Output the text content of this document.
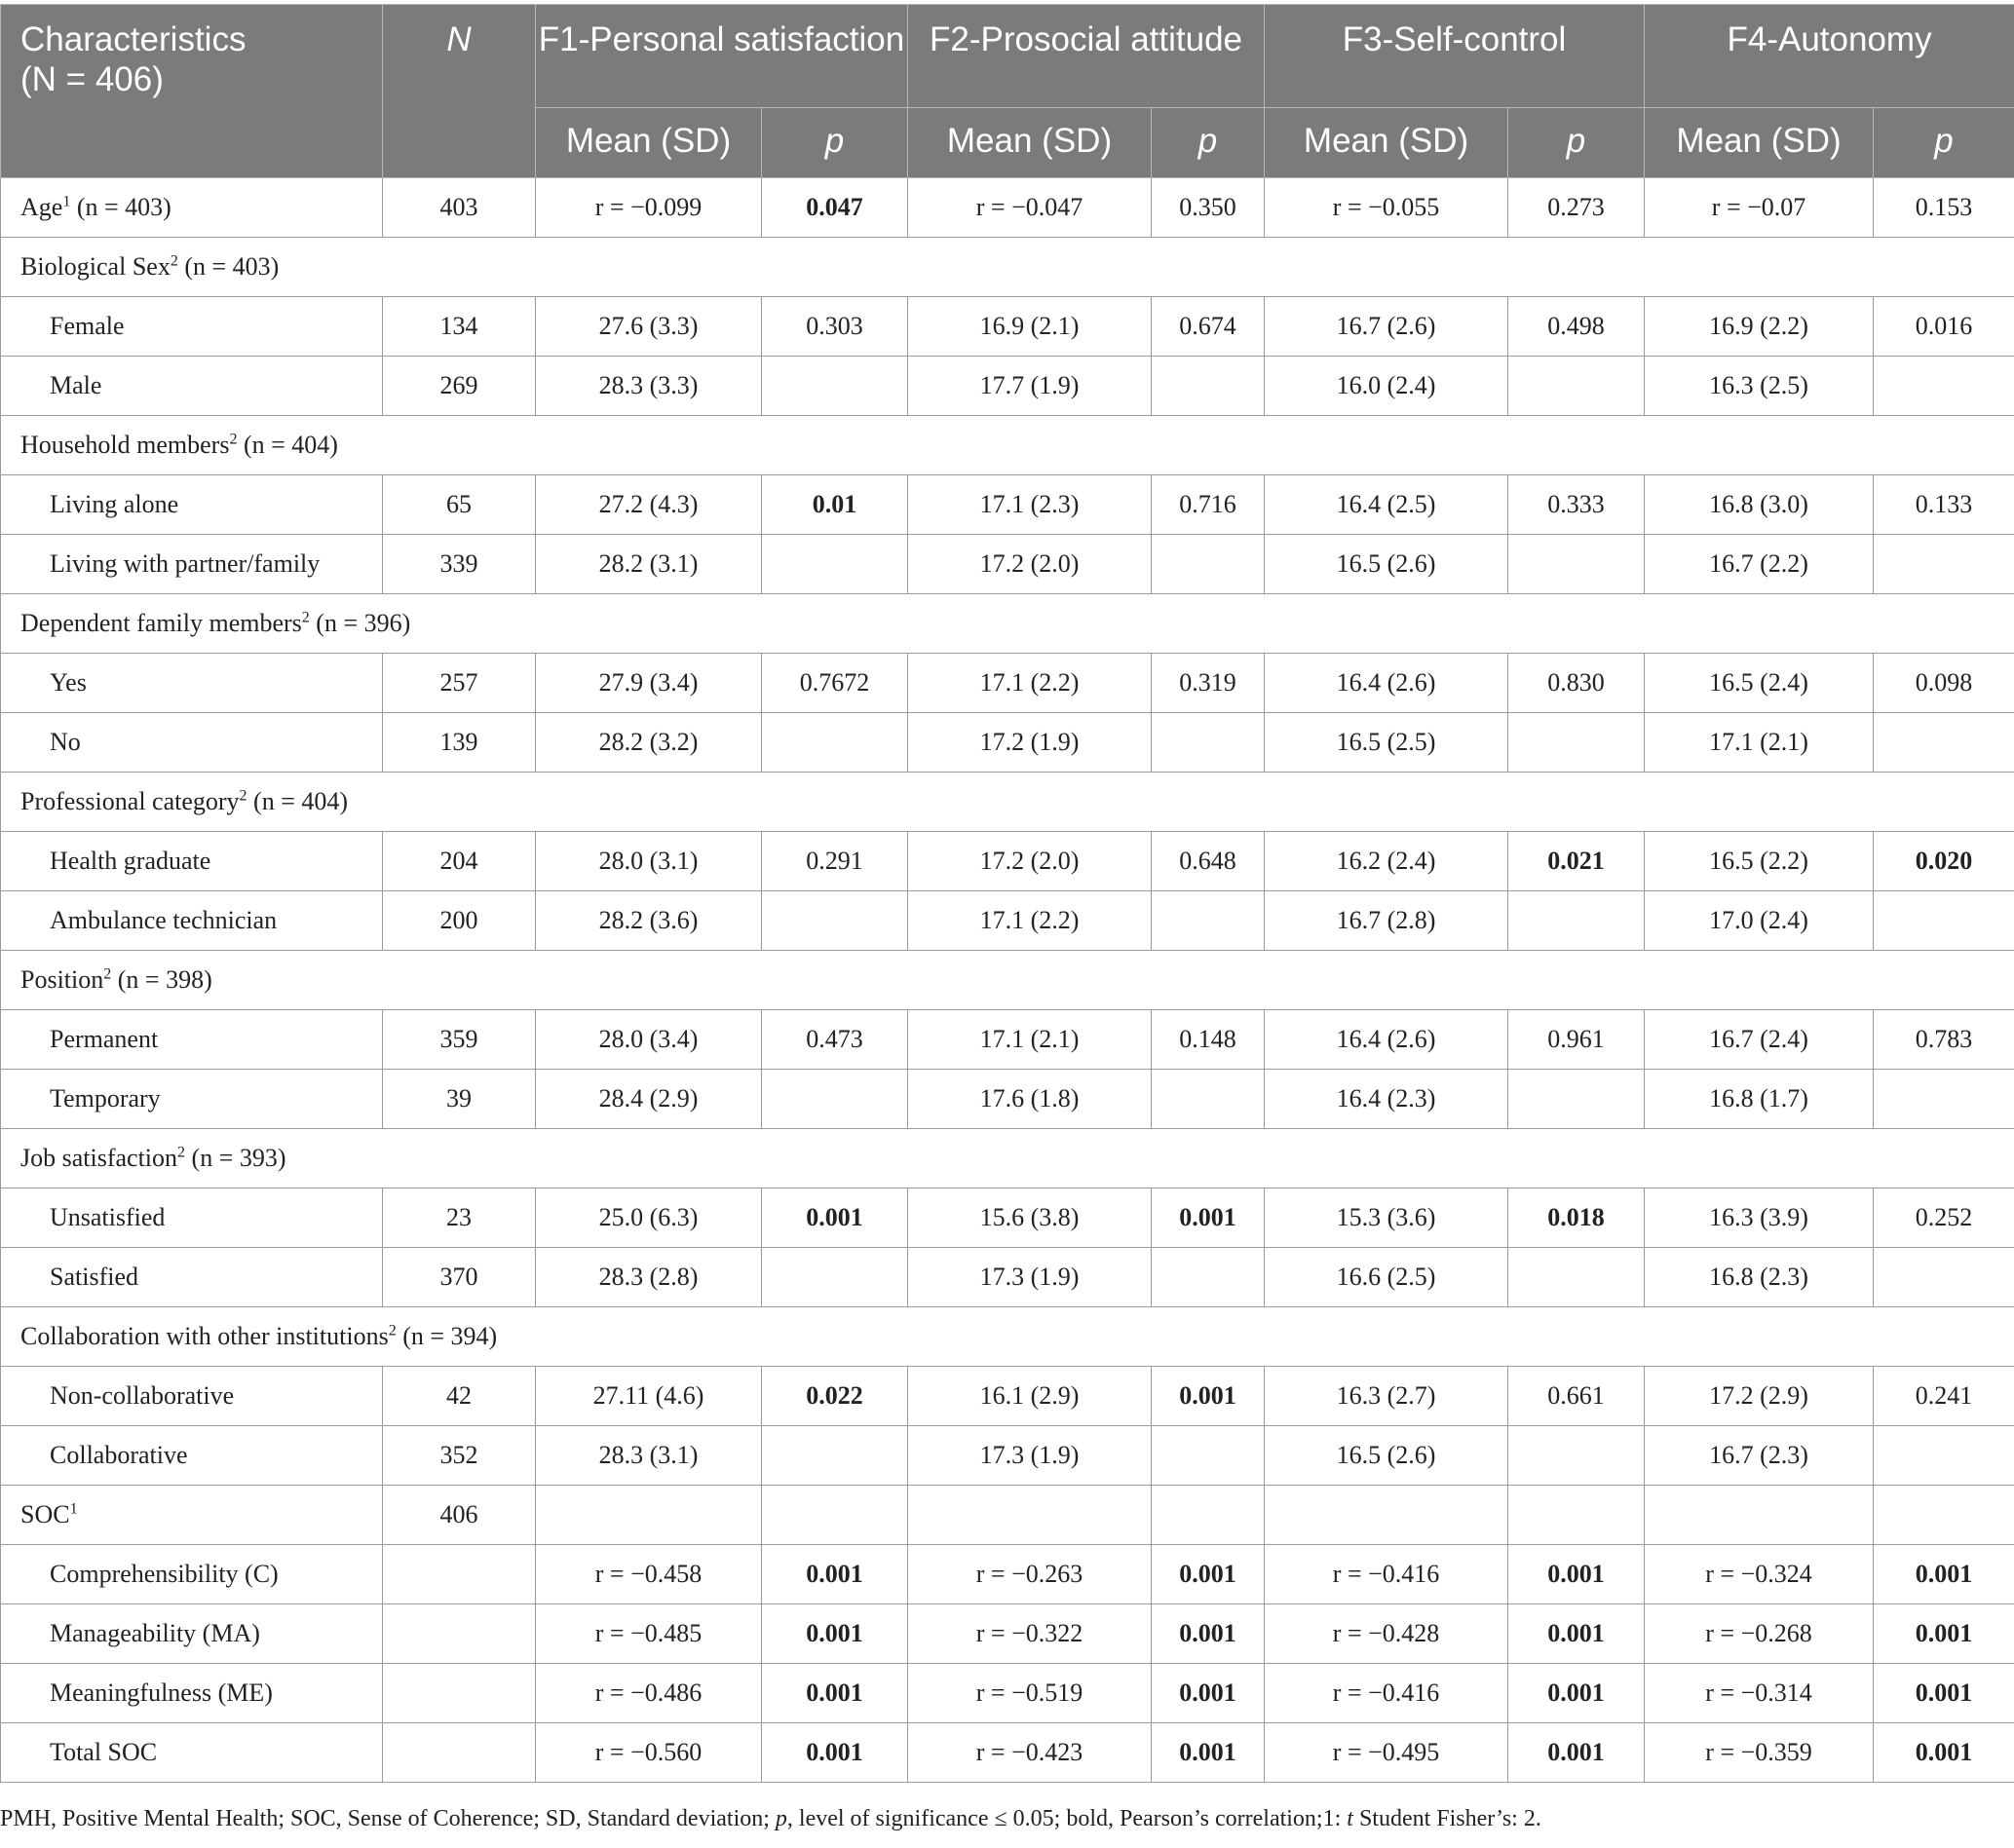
Characteristics
(N = 406)	N	F1-Personal satisfaction		F2-Prosocial attitude		F3-Self-control		F4-Autonomy	
		Mean (SD)	p	Mean (SD)	p	Mean (SD)	p	Mean (SD)	p
Age$^1$ (n = 403)	403	r = −0.099	0.047	r = −0.047	0.350	r = −0.055	0.273	r = −0.07	0.153
Biological Sex$^2$ (n = 403)									
Female	134	27.6 (3.3)	0.303	16.9 (2.1)	0.674	16.7 (2.6)	0.498	16.9 (2.2)	0.016
Male	269	28.3 (3.3)		17.7 (1.9)		16.0 (2.4)		16.3 (2.5)	
Household members$^2$ (n = 404)									
Living alone	65	27.2 (4.3)	0.01	17.1 (2.3)	0.716	16.4 (2.5)	0.333	16.8 (3.0)	0.133
Living with partner/family	339	28.2 (3.1)		17.2 (2.0)		16.5 (2.6)		16.7 (2.2)	
Dependent family members$^2$ (n = 396)									
Yes	257	27.9 (3.4)	0.7672	17.1 (2.2)	0.319	16.4 (2.6)	0.830	16.5 (2.4)	0.098
No	139	28.2 (3.2)		17.2 (1.9)		16.5 (2.5)		17.1 (2.1)	
Professional category$^2$ (n = 404)									
Health graduate	204	28.0 (3.1)	0.291	17.2 (2.0)	0.648	16.2 (2.4)	0.021	16.5 (2.2)	0.020
Ambulance technician	200	28.2 (3.6)		17.1 (2.2)		16.7 (2.8)		17.0 (2.4)	
Position$^2$ (n = 398)									
Permanent	359	28.0 (3.4)	0.473	17.1 (2.1)	0.148	16.4 (2.6)	0.961	16.7 (2.4)	0.783
Temporary	39	28.4 (2.9)		17.6 (1.8)		16.4 (2.3)		16.8 (1.7)	
Job satisfaction$^2$ (n = 393)									
Unsatisfied	23	25.0 (6.3)	0.001	15.6 (3.8)	0.001	15.3 (3.6)	0.018	16.3 (3.9)	0.252
Satisfied	370	28.3 (2.8)		17.3 (1.9)		16.6 (2.5)		16.8 (2.3)	
Collaboration with other institutions$^2$ (n = 394)									
Non-collaborative	42	27.11 (4.6)	0.022	16.1 (2.9)	0.001	16.3 (2.7)	0.661	17.2 (2.9)	0.241
Collaborative	352	28.3 (3.1)		17.3 (1.9)		16.5 (2.6)		16.7 (2.3)	
SOC$^1$	406								
Comprehensibility (C)		r = −0.458	0.001	r = −0.263	0.001	r = −0.416	0.001	r = −0.324	0.001
Manageability (MA)		r = −0.485	0.001	r = −0.322	0.001	r = −0.428	0.001	r = −0.268	0.001
Meaningfulness (ME)		r = −0.486	0.001	r = −0.519	0.001	r = −0.416	0.001	r = −0.314	0.001
Total SOC		r = −0.560	0.001	r = −0.423	0.001	r = −0.495	0.001	r = −0.359	0.001
PMH, Positive Mental Health; SOC, Sense of Coherence; SD, Standard deviation; p, level of significance ≤ 0.05; bold, Pearson’s correlation;1: t Student Fisher’s: 2.
